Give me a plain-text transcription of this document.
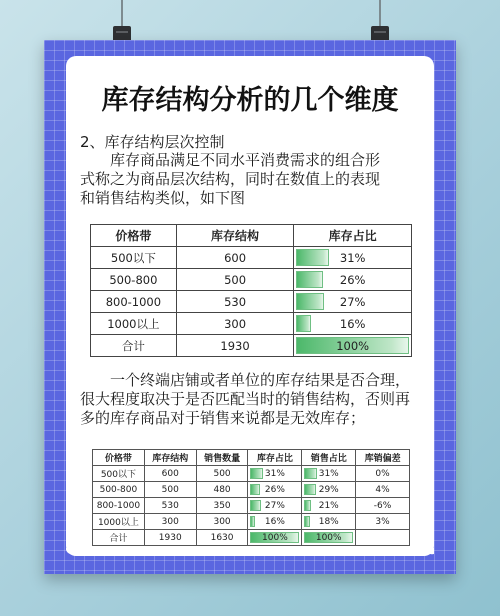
库存结构分析的几个维度
2、库存结构层次控制
库存商品满足不同水平消费需求的组合形
式称之为商品层次结构，同时在数值上的表现
和销售结构类似，如下图
价格带	库存结构	库存占比
500以下	600	31%
500-800	500	26%
800-1000	530	27%
1000以上	300	16%
合计	1930	100%
一个终端店铺或者单位的库存结果是否合理，
很大程度取决于是否匹配当时的销售结构，否则再
多的库存商品对于销售来说都是无效库存；
价格带	库存结构	销售数量	库存占比	销售占比	库销偏差
500以下	600	500	31%	31%	0%
500-800	500	480	26%	29%	4%
800-1000	530	350	27%	21%	-6%
1000以上	300	300	16%	18%	3%
合计	1930	1630	100%	100%	
